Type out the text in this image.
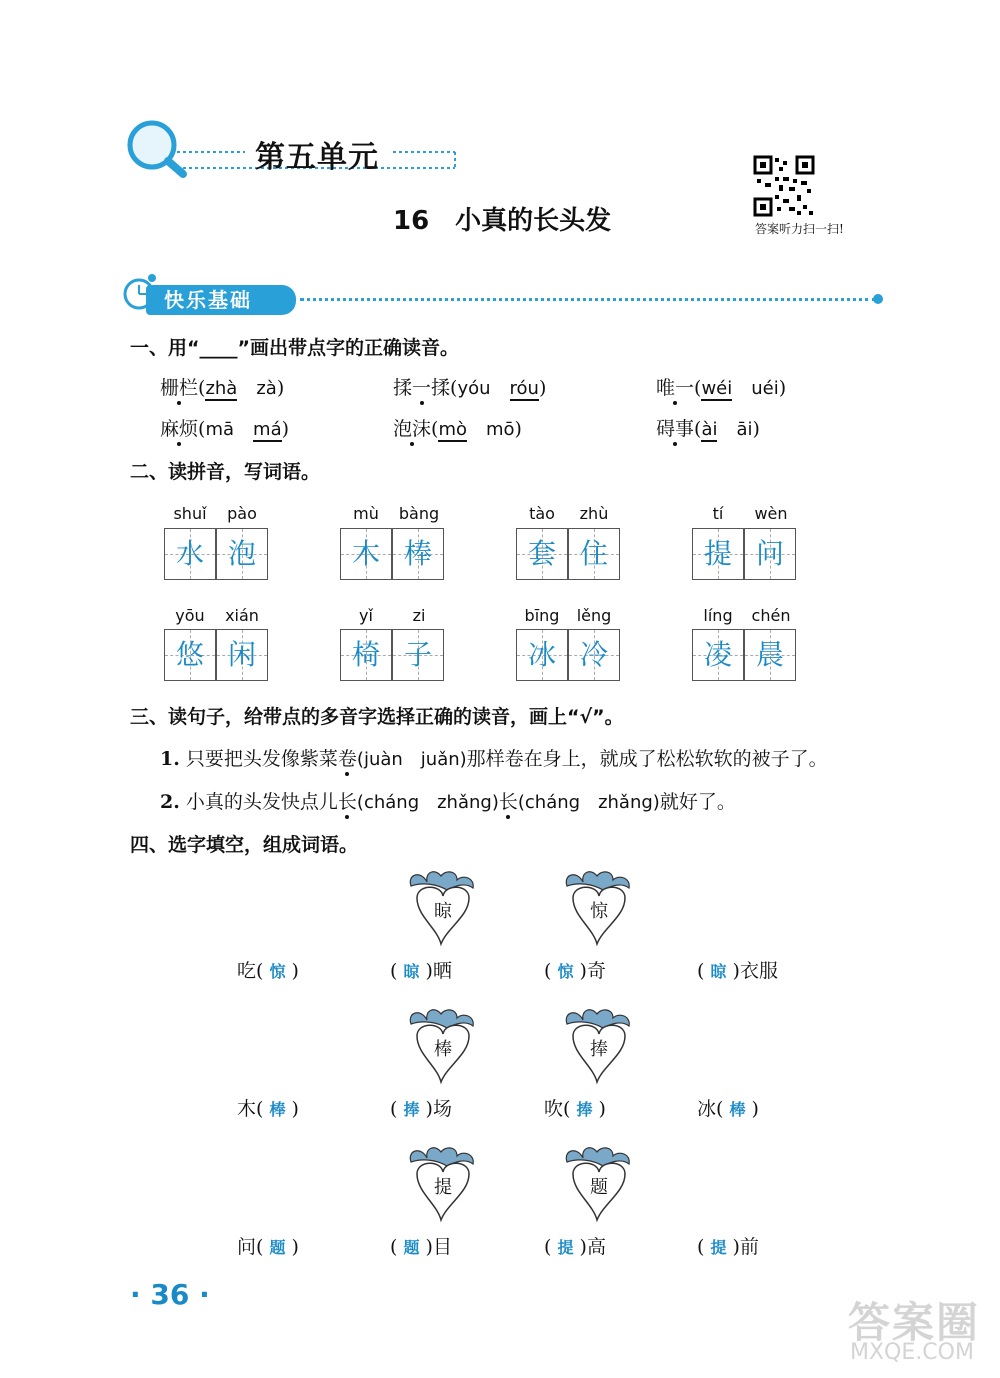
第五单元
答案听力扫一扫!
16　小真的长头发
快乐基础
一、用“____”画出带点字的正确读音。
栅栏(zhà　 zà)	揉一揉(yóu　 róu)	唯一(wéi　 uéi)
麻烦(mā　 má)	泡沫(mò　 mō)	碍事(ài　 āi)
二、读拼音，写词语。
shuǐ	pào
水 泡
mù	bàng
木 棒
tào	zhù
套 住
tí	wèn
提 问
yōu	xián
悠 闲
yǐ	zi
椅 子
bīng	lěng
冰 冷
líng	chén
凌 晨
三、读句子，给带点的多音字选择正确的读音，画上“√”。
1. 只要把头发像紫菜卷(juàn　juǎn)那样卷在身上，就成了松松软软的被子了。
2. 小真的头发快点儿长(cháng　zhǎng)长(cháng　zhǎng)就好了。
四、选字填空，组成词语。
晾	惊
吃( 惊 )	( 晾 )晒	( 惊 )奇	( 晾 )衣服
棒	捧
木( 棒 )	( 捧 )场	吹( 捧 )	冰( 棒 )
提	题
问( 题 )	( 题 )目	( 提 )高	( 提 )前
· 36 ·
答案圈
MXQE.COM
